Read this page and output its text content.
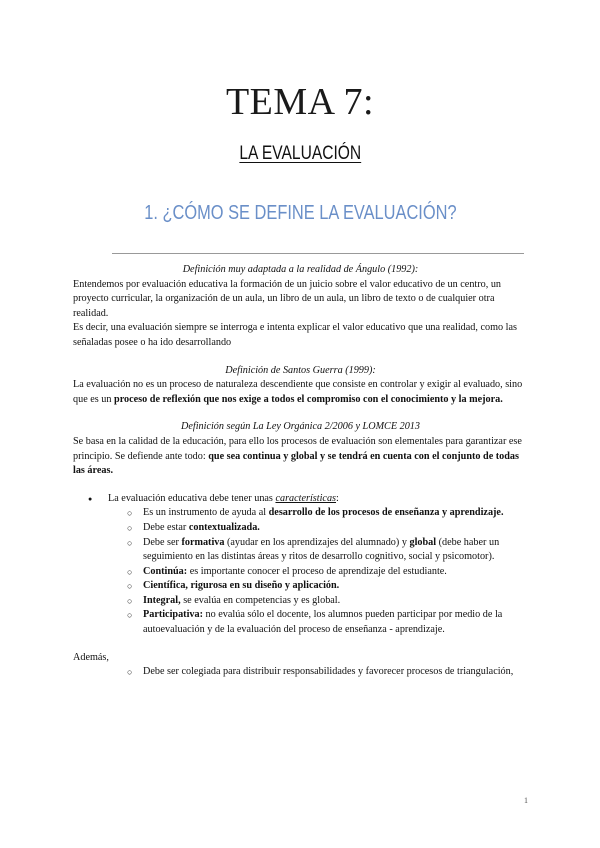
TEMA 7:
LA EVALUACIÓN
1. ¿CÓMO SE DEFINE LA EVALUACIÓN?

Definición muy adaptada a la realidad de Ángulo (1992):

Entendemos por evaluación educativa la formación de un juicio sobre el valor educativo de un centro, un proyecto curricular, la organización de un aula, un libro de un aula, un libro de texto o de cualquier otra realidad.

Es decir, una evaluación siempre se interroga e intenta explicar el valor educativo que una realidad, como las señaladas posee o ha ido desarrollando

Definición de Santos Guerra (1999):

La evaluación no es un proceso de naturaleza descendiente que consiste en controlar y exigir al evaluado, sino que es un proceso de reflexión que nos exige a todos el compromiso con el conocimiento y la mejora.

Definición según La Ley Orgánica 2/2006 y LOMCE 2013

Se basa en la calidad de la educación, para ello los procesos de evaluación son elementales para garantizar ese principio. Se defiende ante todo: que sea continua y global y se tendrá en cuenta con el conjunto de todas las áreas.

● La evaluación educativa debe tener unas características:
○ Es un instrumento de ayuda al desarrollo de los procesos de enseñanza y aprendizaje.
○ Debe estar contextualizada.
○ Debe ser formativa (ayudar en los aprendizajes del alumnado) y global (debe haber un seguimiento en las distintas áreas y ritos de desarrollo cognitivo, social y psicomotor).
○ Continúa: es importante conocer el proceso de aprendizaje del estudiante.
○ Científica, rigurosa en su diseño y aplicación.
○ Integral, se evalúa en competencias y es global.
○ Participativa: no evalúa sólo el docente, los alumnos pueden participar por medio de la autoevaluación y de la evaluación del proceso de enseñanza - aprendizaje.

Además,

○ Debe ser colegiada para distribuir responsabilidades y favorecer procesos de triangulación,
1
